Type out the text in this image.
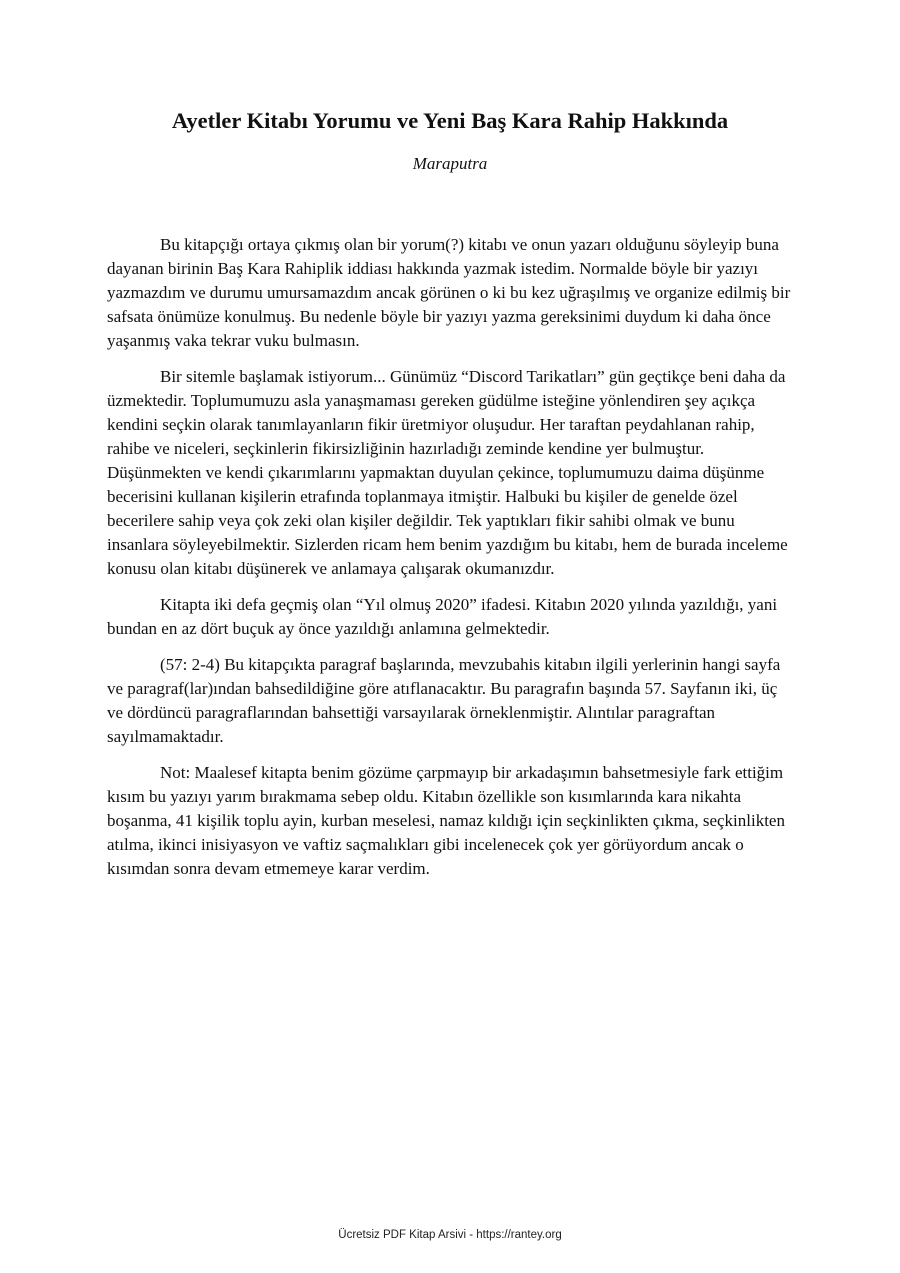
Ayetler Kitabı Yorumu ve Yeni Baş Kara Rahip Hakkında

Maraputra

Bu kitapçığı ortaya çıkmış olan bir yorum(?) kitabı ve onun yazarı olduğunu söyleyip buna dayanan birinin Baş Kara Rahiplik iddiası hakkında yazmak istedim. Normalde böyle bir yazıyı yazmazdım ve durumu umursamazdım ancak görünen o ki bu kez uğraşılmış ve organize edilmiş bir safsata önümüze konulmuş. Bu nedenle böyle bir yazıyı yazma gereksinimi duydum ki daha önce yaşanmış vaka tekrar vuku bulmasın.

Bir sitemle başlamak istiyorum... Günümüz “Discord Tarikatları” gün geçtikçe beni daha da üzmektedir. Toplumumuzu asla yanaşmaması gereken güdülme isteğine yönlendiren şey açıkça kendini seçkin olarak tanımlayanların fikir üretmiyor oluşudur. Her taraftan peydahlanan rahip, rahibe ve niceleri, seçkinlerin fikirsizliğinin hazırladığı zeminde kendine yer bulmuştur. Düşünmekten ve kendi çıkarımlarını yapmaktan duyulan çekince, toplumumuzu daima düşünme becerisini kullanan kişilerin etrafında toplanmaya itmiştir. Halbuki bu kişiler de genelde özel becerilere sahip veya çok zeki olan kişiler değildir. Tek yaptıkları fikir sahibi olmak ve bunu insanlara söyleyebilmektir. Sizlerden ricam hem benim yazdığım bu kitabı, hem de burada inceleme konusu olan kitabı düşünerek ve anlamaya çalışarak okumanızdır.

Kitapta iki defa geçmiş olan “Yıl olmuş 2020” ifadesi. Kitabın 2020 yılında yazıldığı, yani bundan en az dört buçuk ay önce yazıldığı anlamına gelmektedir.

(57: 2-4) Bu kitapçıkta paragraf başlarında, mevzubahis kitabın ilgili yerlerinin hangi sayfa ve paragraf(lar)ından bahsedildiğine göre atıflanacaktır. Bu paragrafın başında 57. Sayfanın iki, üç ve dördüncü paragraflarından bahsettiği varsayılarak örneklenmiştir. Alıntılar paragraftan sayılmamaktadır.

Not: Maalesef kitapta benim gözüme çarpmayıp bir arkadaşımın bahsetmesiyle fark ettiğim kısım bu yazıyı yarım bırakmama sebep oldu. Kitabın özellikle son kısımlarında kara nikahta boşanma, 41 kişilik toplu ayin, kurban meselesi, namaz kıldığı için seçkinlikten çıkma, seçkinlikten atılma, ikinci inisiyasyon ve vaftiz saçmalıkları gibi incelenecek çok yer görüyordum ancak o kısımdan sonra devam etmemeye karar verdim.

Ücretsiz PDF Kitap Arsivi - https://rantey.org
